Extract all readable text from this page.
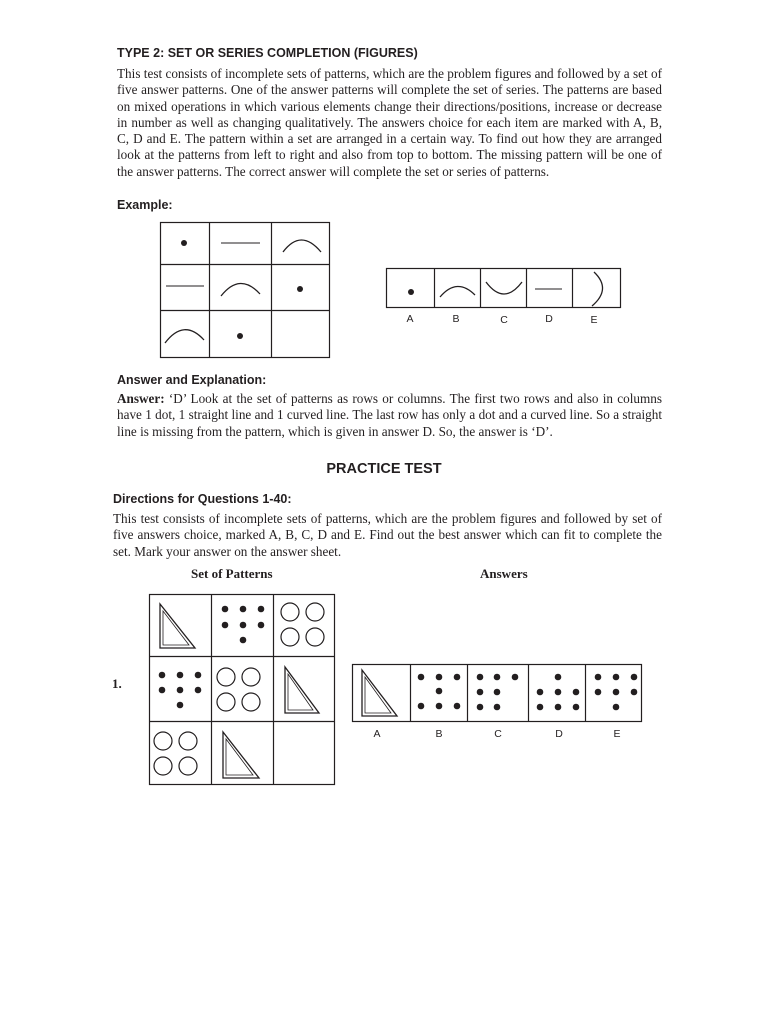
TYPE 2: SET OR SERIES COMPLETION (FIGURES)
This test consists of incomplete sets of patterns, which are the problem figures and followed by a set of five answer patterns. One of the answer patterns will complete the set of series. The patterns are based on mixed operations in which various elements change their directions/positions, increase or decrease in number as well as changing qualitatively. The answers choice for each item are marked with A, B, C, D and E. The pattern within a set are arranged in a certain way. To find out how they are arranged look at the patterns from left to right and also from top to bottom. The missing pattern will be one of the answer patterns. The correct answer will complete the set or series of patterns.
Example:
A	B	C	D	E
Answer and Explanation:
Answer: ‘D’ Look at the set of patterns as rows or columns. The first two rows and also in columns have 1 dot, 1 straight line and 1 curved line. The last row has only a dot and a curved line. So a straight line is missing from the pattern, which is given in answer D. So, the answer is ‘D’.
PRACTICE TEST
Directions for Questions 1-40:
This test consists of incomplete sets of patterns, which are the problem figures and followed by set of five answers choice, marked A, B, C, D and E. Find out the best answer which can fit to complete the set. Mark your answer on the answer sheet.
Set of Patterns	Answers
1.
A	B	C	D	E
